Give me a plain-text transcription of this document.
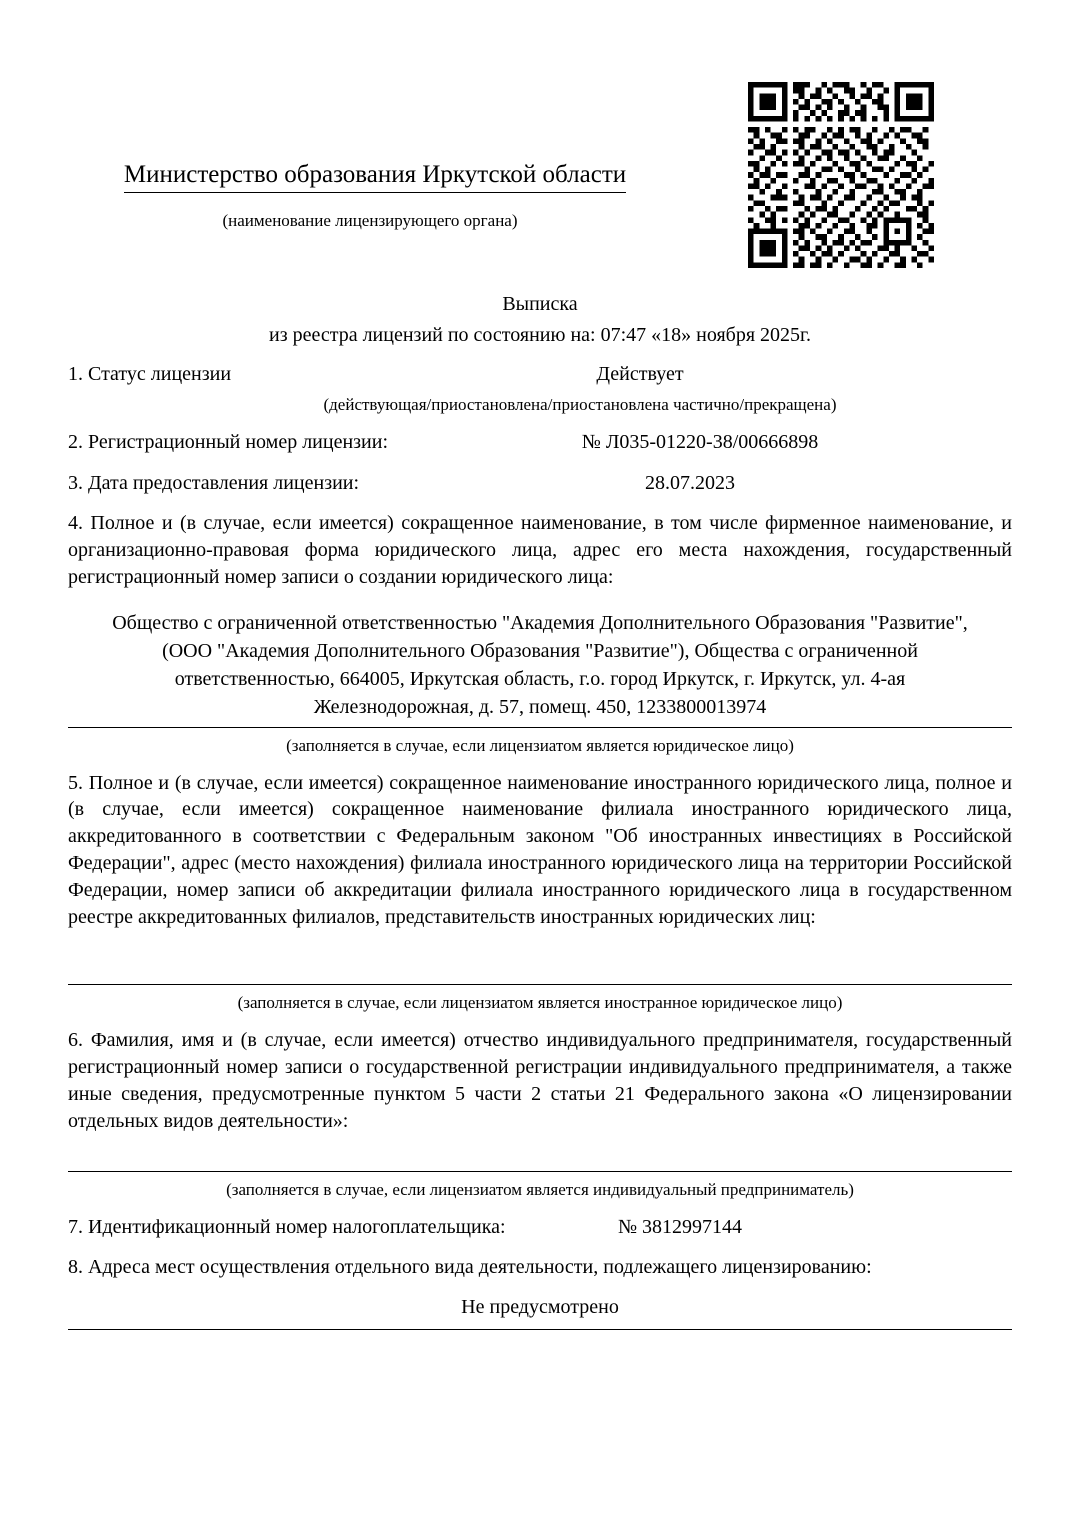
Министерство образования Иркутской области
(наименование лицензирующего органа)
Выписка
из реестра лицензий по состоянию на: 07:47 «18» ноября 2025г.
1. Статус лицензии	Действует
(действующая/приостановлена/приостановлена частично/прекращена)
2. Регистрационный номер лицензии:	№ Л035-01220-38/00666898
3. Дата предоставления лицензии:	28.07.2023
4. Полное и (в случае, если имеется) сокращенное наименование, в том числе фирменное наименование, и организационно-правовая форма юридического лица, адрес его места нахождения, государственный регистрационный номер записи о создании юридического лица:
Общество с ограниченной ответственностью "Академия Дополнительного Образования "Развитие",
(ООО "Академия Дополнительного Образования "Развитие"), Общества с ограниченной
ответственностью, 664005, Иркутская область, г.о. город Иркутск, г. Иркутск, ул. 4-ая
Железнодорожная, д. 57, помещ. 450, 1233800013974
(заполняется в случае, если лицензиатом является юридическое лицо)
5. Полное и (в случае, если имеется) сокращенное наименование иностранного юридического лица, полное и (в случае, если имеется) сокращенное наименование филиала иностранного юридического лица, аккредитованного в соответствии с Федеральным законом "Об иностранных инвестициях в Российской Федерации", адрес (место нахождения) филиала иностранного юридического лица на территории Российской Федерации, номер записи об аккредитации филиала иностранного юридического лица в государственном реестре аккредитованных филиалов, представительств иностранных юридических лиц:
(заполняется в случае, если лицензиатом является иностранное юридическое лицо)
6. Фамилия, имя и (в случае, если имеется) отчество индивидуального предпринимателя, государственный регистрационный номер записи о государственной регистрации индивидуального предпринимателя, а также иные сведения, предусмотренные пунктом 5 части 2 статьи 21 Федерального закона «О лицензировании отдельных видов деятельности»:
(заполняется в случае, если лицензиатом является индивидуальный предприниматель)
7. Идентификационный номер налогоплательщика:	№ 3812997144
8. Адреса мест осуществления отдельного вида деятельности, подлежащего лицензированию:
Не предусмотрено
